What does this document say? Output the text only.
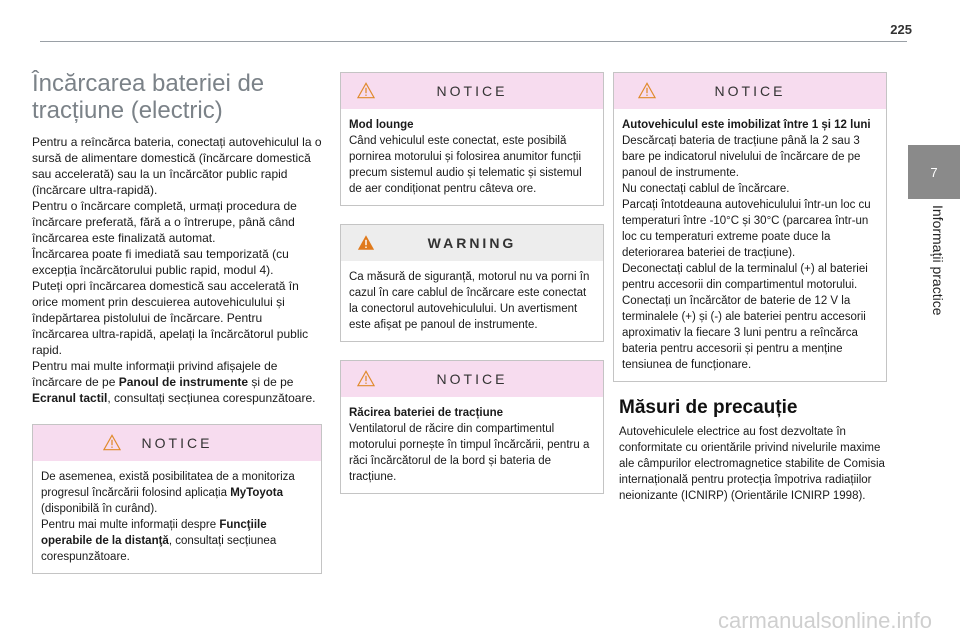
225
7
Informații practice
Încărcarea bateriei de tracțiune (electric)

Pentru a reîncărca bateria, conectați autovehiculul la o sursă de alimentare domestică (încărcare domestică sau accelerată) sau la un încărcător public rapid (încărcare ultra-rapidă).

Pentru o încărcare completă, urmați procedura de încărcare preferată, fără a o întrerupe, până când încărcarea este finalizată automat.

Încărcarea poate fi imediată sau temporizată (cu excepția încărcătorului public rapid, modul 4).

Puteți opri încărcarea domestică sau accelerată în orice moment prin descuierea autovehiculului și îndepărtarea pistolului de încărcare. Pentru încărcarea ultra-rapidă, apelați la încărcătorul public rapid.

Pentru mai multe informații privind afișajele de încărcare de pe Panoul de instrumente și de pe Ecranul tactil, consultați secțiunea corespunzătoare.

NOTICE
De asemenea, există posibilitatea de a monitoriza progresul încărcării folosind aplicația MyToyota (disponibilă în curând).
Pentru mai multe informații despre Funcţiile operabile de la distanţă, consultați secțiunea corespunzătoare.
NOTICE
Mod lounge
Când vehiculul este conectat, este posibilă pornirea motorului și folosirea anumitor funcții precum sistemul audio și telematic și sistemul de aer condiționat pentru câteva ore.
WARNING
Ca măsură de siguranță, motorul nu va porni în cazul în care cablul de încărcare este conectat la conectorul autovehiculului. Un avertisment este afișat pe panoul de instrumente.
NOTICE
Răcirea bateriei de tracțiune
Ventilatorul de răcire din compartimentul motorului pornește în timpul încărcării, pentru a răci încărcătorul de la bord și bateria de tracțiune.
NOTICE
Autovehiculul este imobilizat între 1 și 12 luni
Descărcați bateria de tracțiune până la 2 sau 3 bare pe indicatorul nivelului de încărcare de pe panoul de instrumente.
Nu conectați cablul de încărcare.
Parcați întotdeauna autovehiculului într-un loc cu temperaturi între -10°C și 30°C (parcarea într-un loc cu temperaturi extreme poate duce la deteriorarea bateriei de tracțiune).
Deconectați cablul de la terminalul (+) al bateriei pentru accesorii din compartimentul motorului.
Conectați un încărcător de baterie de 12 V la terminalele (+) și (-) ale bateriei pentru accesorii aproximativ la fiecare 3 luni pentru a reîncărca bateria pentru accesorii și pentru a menține tensiunea de funcționare.
Măsuri de precauție

Autovehiculele electrice au fost dezvoltate în conformitate cu orientările privind nivelurile maxime ale câmpurilor electromagnetice stabilite de Comisia internațională pentru protecția împotriva radiațiilor neionizante (ICNIRP) (Orientările ICNIRP 1998).

carmanualsonline.info
